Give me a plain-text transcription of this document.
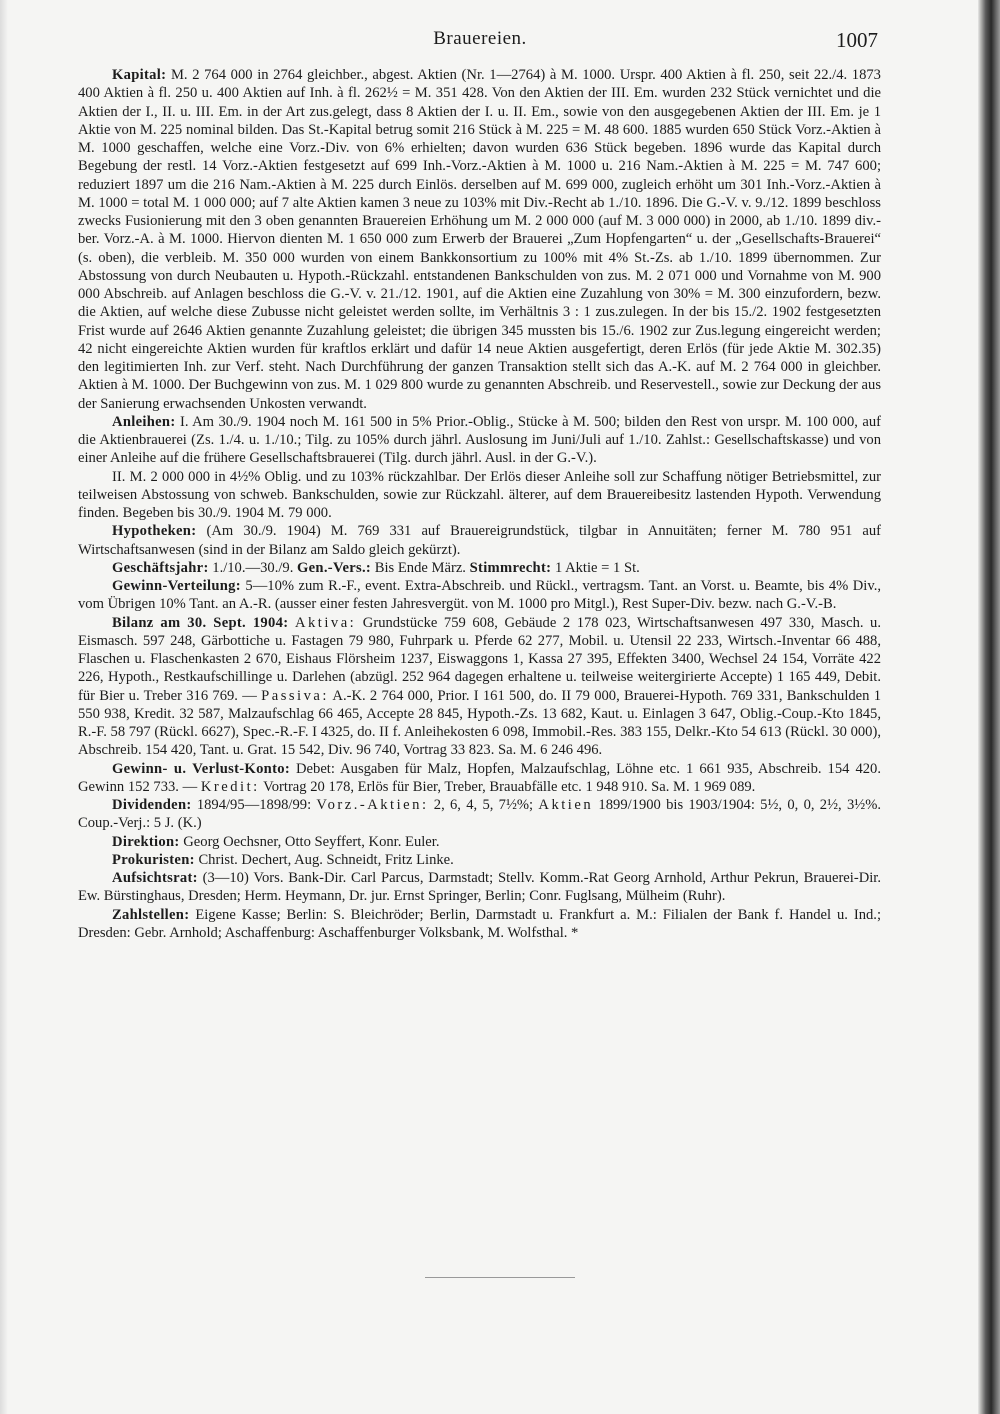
Brauereien.	1007

Kapital: M. 2 764 000 in 2764 gleichber., abgest. Aktien (Nr. 1—2764) à M. 1000. Urspr. 400 Aktien à fl. 250, seit 22./4. 1873 400 Aktien à fl. 250 u. 400 Aktien auf Inh. à fl. 262½ = M. 351 428. Von den Aktien der III. Em. wurden 232 Stück vernichtet und die Aktien der I., II. u. III. Em. in der Art zus.gelegt, dass 8 Aktien der I. u. II. Em., sowie von den ausgegebenen Aktien der III. Em. je 1 Aktie von M. 225 nominal bilden. Das St.-Kapital betrug somit 216 Stück à M. 225 = M. 48 600. 1885 wurden 650 Stück Vorz.-Aktien à M. 1000 geschaffen, welche eine Vorz.-Div. von 6% erhielten; davon wurden 636 Stück begeben. 1896 wurde das Kapital durch Begebung der restl. 14 Vorz.-Aktien festgesetzt auf 699 Inh.-Vorz.-Aktien à M. 1000 u. 216 Nam.-Aktien à M. 225 = M. 747 600; reduziert 1897 um die 216 Nam.-Aktien à M. 225 durch Einlös. derselben auf M. 699 000, zugleich erhöht um 301 Inh.-Vorz.-Aktien à M. 1000 = total M. 1 000 000; auf 7 alte Aktien kamen 3 neue zu 103% mit Div.-Recht ab 1./10. 1896. Die G.-V. v. 9./12. 1899 beschloss zwecks Fusionierung mit den 3 oben genannten Brauereien Erhöhung um M. 2 000 000 (auf M. 3 000 000) in 2000, ab 1./10. 1899 div.-ber. Vorz.-A. à M. 1000. Hiervon dienten M. 1 650 000 zum Erwerb der Brauerei „Zum Hopfengarten“ u. der „Gesellschafts-Brauerei“ (s. oben), die verbleib. M. 350 000 wurden von einem Bankkonsortium zu 100% mit 4% St.-Zs. ab 1./10. 1899 übernommen. Zur Abstossung von durch Neubauten u. Hypoth.-Rückzahl. entstandenen Bankschulden von zus. M. 2 071 000 und Vornahme von M. 900 000 Abschreib. auf Anlagen beschloss die G.-V. v. 21./12. 1901, auf die Aktien eine Zuzahlung von 30% = M. 300 einzufordern, bezw. die Aktien, auf welche diese Zubusse nicht geleistet werden sollte, im Verhältnis 3 : 1 zus.zulegen. In der bis 15./2. 1902 festgesetzten Frist wurde auf 2646 Aktien genannte Zuzahlung geleistet; die übrigen 345 mussten bis 15./6. 1902 zur Zus.legung eingereicht werden; 42 nicht eingereichte Aktien wurden für kraftlos erklärt und dafür 14 neue Aktien ausgefertigt, deren Erlös (für jede Aktie M. 302.35) den legitimierten Inh. zur Verf. steht. Nach Durchführung der ganzen Transaktion stellt sich das A.-K. auf M. 2 764 000 in gleichber. Aktien à M. 1000. Der Buchgewinn von zus. M. 1 029 800 wurde zu genannten Abschreib. und Reservestell., sowie zur Deckung der aus der Sanierung erwachsenden Unkosten verwandt.

Anleihen: I. Am 30./9. 1904 noch M. 161 500 in 5% Prior.-Oblig., Stücke à M. 500; bilden den Rest von urspr. M. 100 000, auf die Aktienbrauerei (Zs. 1./4. u. 1./10.; Tilg. zu 105% durch jährl. Auslosung im Juni/Juli auf 1./10. Zahlst.: Gesellschaftskasse) und von einer Anleihe auf die frühere Gesellschaftsbrauerei (Tilg. durch jährl. Ausl. in der G.-V.).

II. M. 2 000 000 in 4½% Oblig. und zu 103% rückzahlbar. Der Erlös dieser Anleihe soll zur Schaffung nötiger Betriebsmittel, zur teilweisen Abstossung von schweb. Bankschulden, sowie zur Rückzahl. älterer, auf dem Brauereibesitz lastenden Hypoth. Verwendung finden. Begeben bis 30./9. 1904 M. 79 000.

Hypotheken: (Am 30./9. 1904) M. 769 331 auf Brauereigrundstück, tilgbar in Annuitäten; ferner M. 780 951 auf Wirtschaftsanwesen (sind in der Bilanz am Saldo gleich gekürzt).

Geschäftsjahr: 1./10.—30./9. Gen.-Vers.: Bis Ende März. Stimmrecht: 1 Aktie = 1 St.

Gewinn-Verteilung: 5—10% zum R.-F., event. Extra-Abschreib. und Rückl., vertragsm. Tant. an Vorst. u. Beamte, bis 4% Div., vom Übrigen 10% Tant. an A.-R. (ausser einer festen Jahresvergüt. von M. 1000 pro Mitgl.), Rest Super-Div. bezw. nach G.-V.-B.

Bilanz am 30. Sept. 1904: Aktiva: Grundstücke 759 608, Gebäude 2 178 023, Wirtschaftsanwesen 497 330, Masch. u. Eismasch. 597 248, Gärbottiche u. Fastagen 79 980, Fuhrpark u. Pferde 62 277, Mobil. u. Utensil 22 233, Wirtsch.-Inventar 66 488, Flaschen u. Flaschenkasten 2 670, Eishaus Flörsheim 1237, Eiswaggons 1, Kassa 27 395, Effekten 3400, Wechsel 24 154, Vorräte 422 226, Hypoth., Restkaufschillinge u. Darlehen (abzügl. 252 964 dagegen erhaltene u. teilweise weitergirierte Accepte) 1 165 449, Debit. für Bier u. Treber 316 769. — Passiva: A.-K. 2 764 000, Prior. I 161 500, do. II 79 000, Brauerei-Hypoth. 769 331, Bankschulden 1 550 938, Kredit. 32 587, Malzaufschlag 66 465, Accepte 28 845, Hypoth.-Zs. 13 682, Kaut. u. Einlagen 3 647, Oblig.-Coup.-Kto 1845, R.-F. 58 797 (Rückl. 6627), Spec.-R.-F. I 4325, do. II f. Anleihekosten 6 098, Immobil.-Res. 383 155, Delkr.-Kto 54 613 (Rückl. 30 000), Abschreib. 154 420, Tant. u. Grat. 15 542, Div. 96 740, Vortrag 33 823. Sa. M. 6 246 496.

Gewinn- u. Verlust-Konto: Debet: Ausgaben für Malz, Hopfen, Malzaufschlag, Löhne etc. 1 661 935, Abschreib. 154 420. Gewinn 152 733. — Kredit: Vortrag 20 178, Erlös für Bier, Treber, Brauabfälle etc. 1 948 910. Sa. M. 1 969 089.

Dividenden: 1894/95—1898/99: Vorz.-Aktien: 2, 6, 4, 5, 7½%; Aktien 1899/1900 bis 1903/1904: 5½, 0, 0, 2½, 3½%. Coup.-Verj.: 5 J. (K.)

Direktion: Georg Oechsner, Otto Seyffert, Konr. Euler.

Prokuristen: Christ. Dechert, Aug. Schneidt, Fritz Linke.

Aufsichtsrat: (3—10) Vors. Bank-Dir. Carl Parcus, Darmstadt; Stellv. Komm.-Rat Georg Arnhold, Arthur Pekrun, Brauerei-Dir. Ew. Bürstinghaus, Dresden; Herm. Heymann, Dr. jur. Ernst Springer, Berlin; Conr. Fuglsang, Mülheim (Ruhr).

Zahlstellen: Eigene Kasse; Berlin: S. Bleichröder; Berlin, Darmstadt u. Frankfurt a. M.: Filialen der Bank f. Handel u. Ind.; Dresden: Gebr. Arnhold; Aschaffenburg: Aschaffenburger Volksbank, M. Wolfsthal. *
